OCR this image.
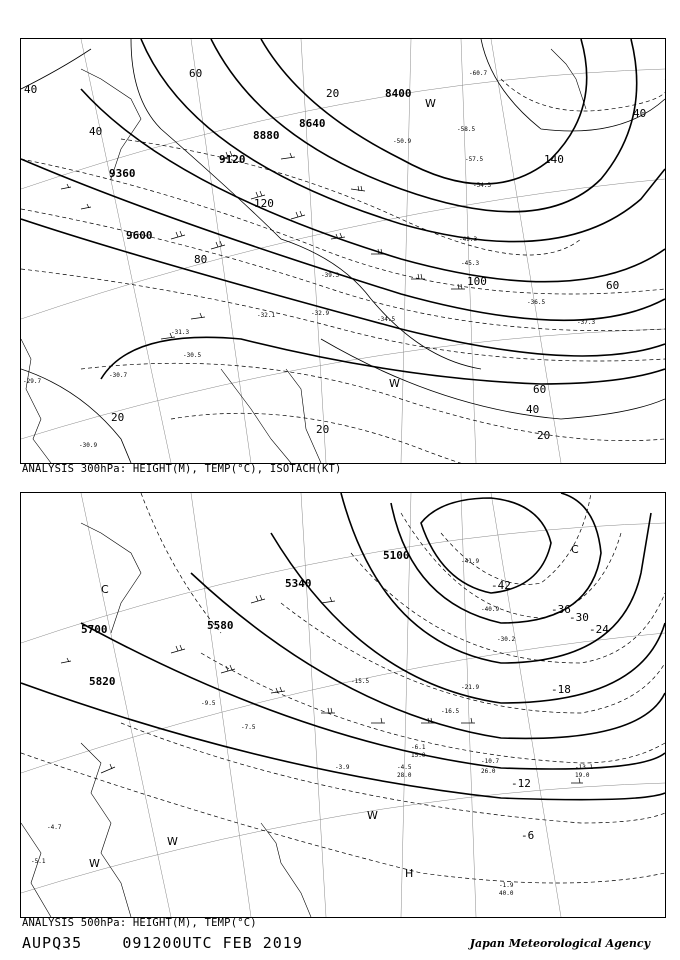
8400
8640
8880
9120
9360
9600
20
40
60
80
100
120
140
40
60
20
60
20
40
40
20
W
W
-30.7
-31.3
-30.5
-32.9
-34.5
-39.3
-45.3
-49.3
-54.3
-58.5
-57.5
-60.7
-36.5
-37.3
-29.7
-30.9
-50.9
-32.1
ANALYSIS 300hPa: HEIGHT(M), TEMP(°C), ISOTACH(KT)
5100
5340
5580
5700
5820
-42
-36
-30
-24
-18
-12
-6
C
C
W
W
W
H
-41.9
-40.9
-30.2
-21.9
-13.1
-10.7
-6.1
-4.5
-3.9
-7.5
-9.5
-4.7
-5.1
-1.9
40.0
26.0
19.0
28.0
15.0
-16.5
-15.5
ANALYSIS 500hPa: HEIGHT(M), TEMP(°C)
AUPQ35	091200UTC FEB 2019	Japan Meteorological Agency
